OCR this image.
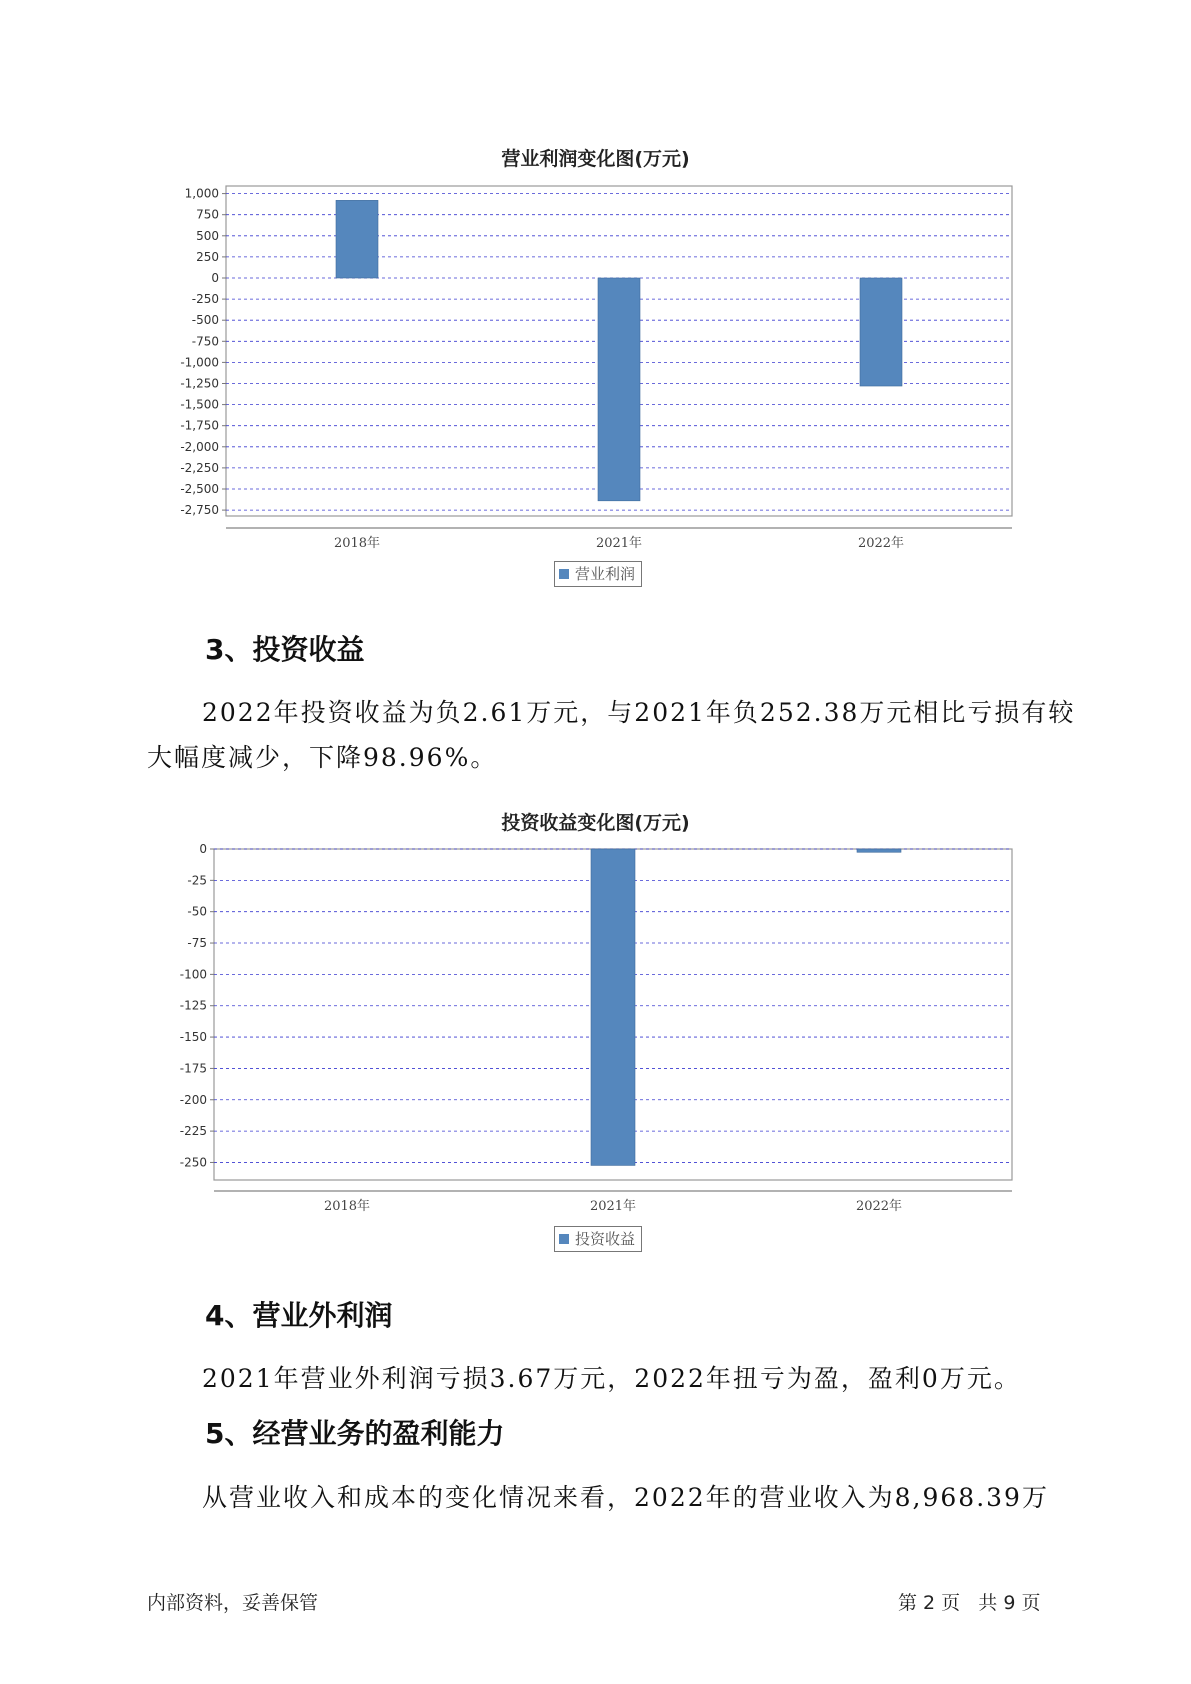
营业利润变化图(万元)
1,000
750
500
250
0
-250
-500
-750
-1,000
-1,250
-1,500
-1,750
-2,000
-2,250
-2,500
-2,750
2018年	2021年	2022年
营业利润
3、投资收益
2022年投资收益为负2.61万元，与2021年负252.38万元相比亏损有较
大幅度减少，下降98.96%。
投资收益变化图(万元)
0
-25
-50
-75
-100
-125
-150
-175
-200
-225
-250
2018年	2021年	2022年
投资收益
4、营业外利润
2021年营业外利润亏损3.67万元，2022年扭亏为盈，盈利0万元。
5、经营业务的盈利能力
从营业收入和成本的变化情况来看，2022年的营业收入为8,968.39万
内部资料，妥善保管	第 2 页   共 9 页
